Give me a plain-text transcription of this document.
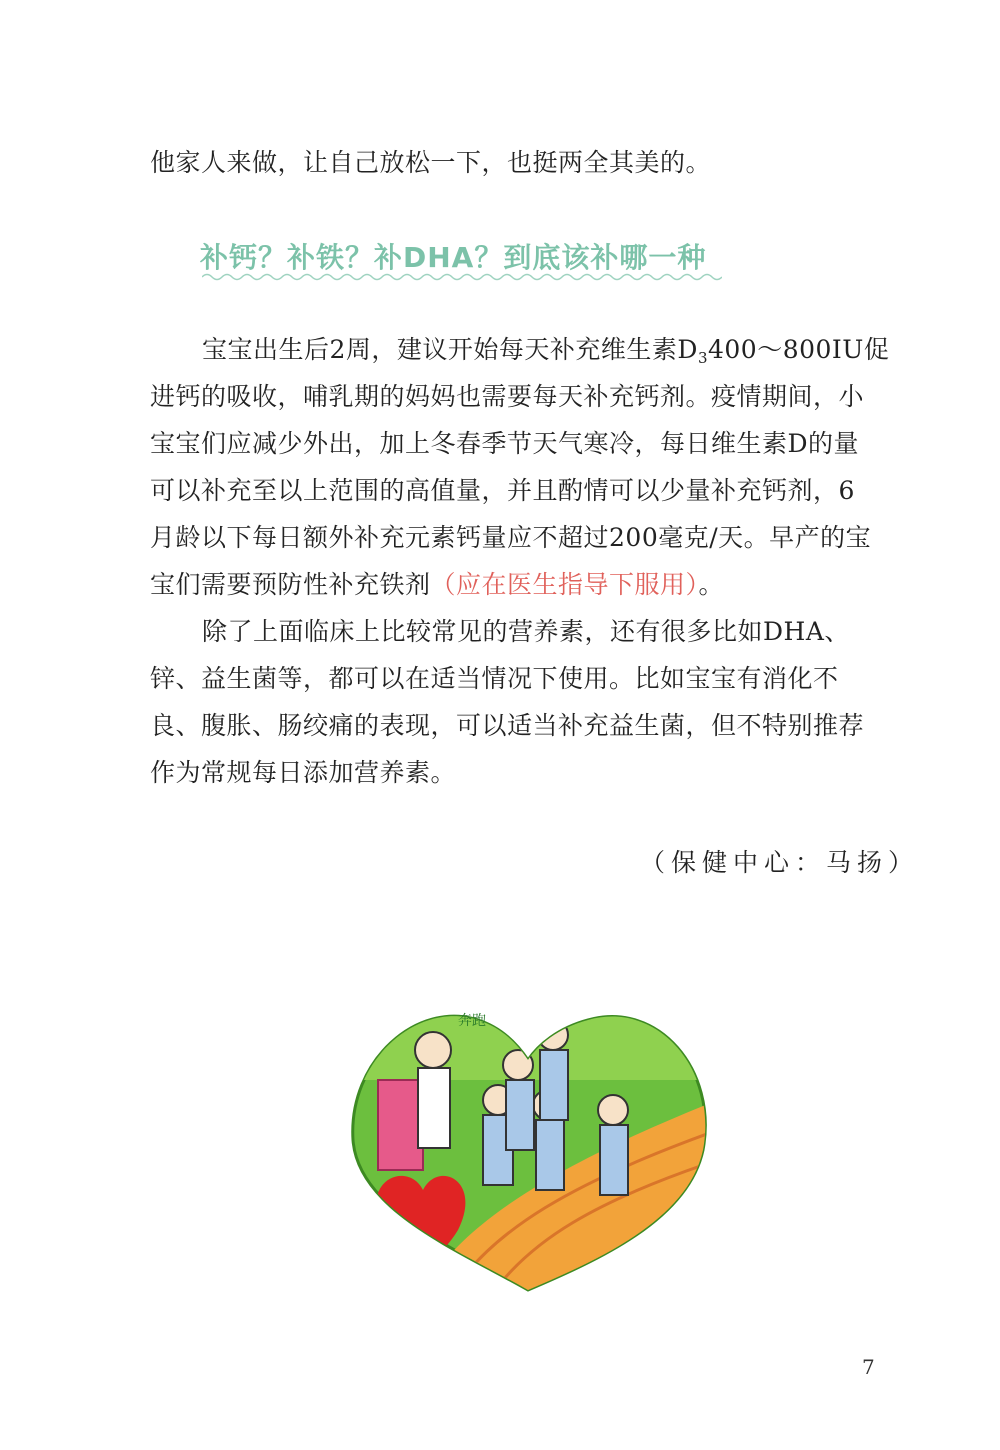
他家人来做，让自己放松一下，也挺两全其美的。
补钙？补铁？补DHA？到底该补哪一种
宝宝出生后2周，建议开始每天补充维生素$D_3400\sim 800IU$促
进钙的吸收，哺乳期的妈妈也需要每天补充钙剂。疫情期间，小
宝宝们应减少外出，加上冬春季节天气寒冷，每日维生素D的量
可以补充至以上范围的高值量，并且酌情可以少量补充钙剂，6
月龄以下每日额外补充元素钙量应不超过200毫克/天。早产的宝
宝们需要预防性补充铁剂（应在医生指导下服用）。
除了上面临床上比较常见的营养素，还有很多比如DHA、
锌、益生菌等，都可以在适当情况下使用。比如宝宝有消化不
良、腹胀、肠绞痛的表现，可以适当补充益生菌，但不特别推荐
作为常规每日添加营养素。
（保健中心：马扬）
奔跑
7
